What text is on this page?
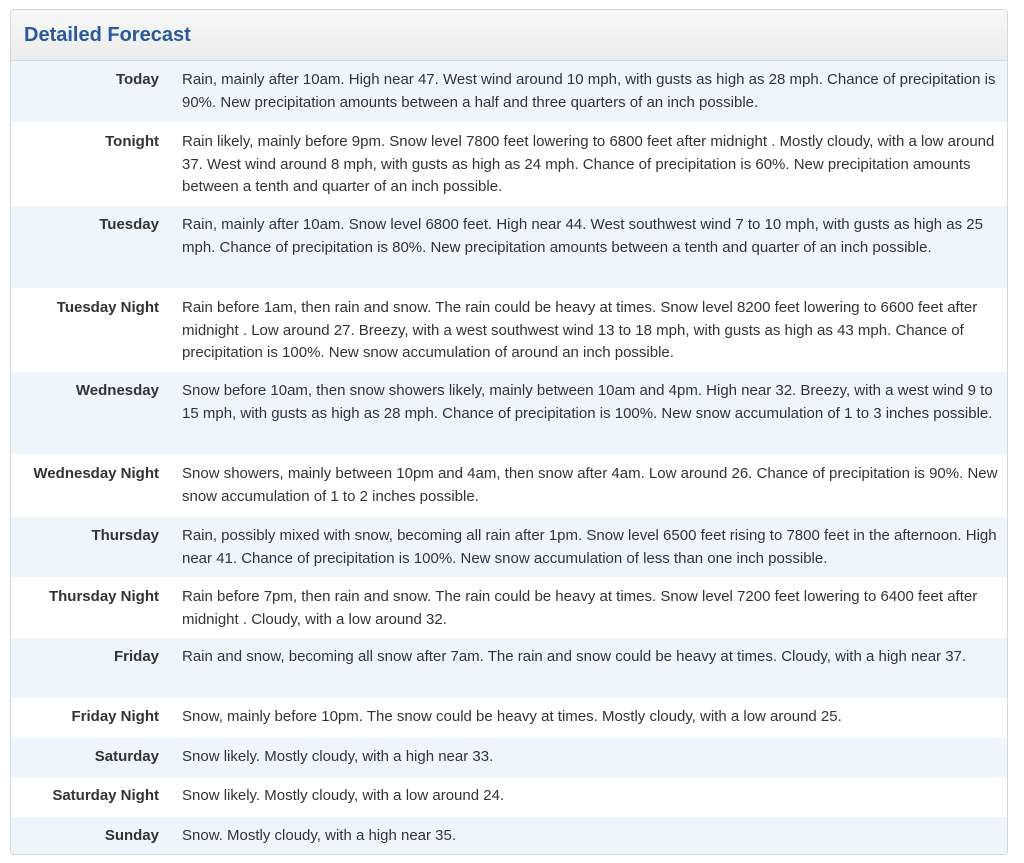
Detailed Forecast
Today	Rain, mainly after 10am. High near 47. West wind around 10 mph, with gusts as high as 28 mph. Chance of precipitation is 90%. New precipitation amounts between a half and three quarters of an inch possible.
Tonight	Rain likely, mainly before 9pm. Snow level 7800 feet lowering to 6800 feet after midnight . Mostly cloudy, with a low around 37. West wind around 8 mph, with gusts as high as 24 mph. Chance of precipitation is 60%. New precipitation amounts between a tenth and quarter of an inch possible.
Tuesday	Rain, mainly after 10am. Snow level 6800 feet. High near 44. West southwest wind 7 to 10 mph, with gusts as high as 25 mph. Chance of precipitation is 80%. New precipitation amounts between a tenth and quarter of an inch possible.
Tuesday Night	Rain before 1am, then rain and snow. The rain could be heavy at times. Snow level 8200 feet lowering to 6600 feet after midnight . Low around 27. Breezy, with a west southwest wind 13 to 18 mph, with gusts as high as 43 mph. Chance of precipitation is 100%. New snow accumulation of around an inch possible.
Wednesday	Snow before 10am, then snow showers likely, mainly between 10am and 4pm. High near 32. Breezy, with a west wind 9 to 15 mph, with gusts as high as 28 mph. Chance of precipitation is 100%. New snow accumulation of 1 to 3 inches possible.
Wednesday Night	Snow showers, mainly between 10pm and 4am, then snow after 4am. Low around 26. Chance of precipitation is 90%. New snow accumulation of 1 to 2 inches possible.
Thursday	Rain, possibly mixed with snow, becoming all rain after 1pm. Snow level 6500 feet rising to 7800 feet in the afternoon. High near 41. Chance of precipitation is 100%. New snow accumulation of less than one inch possible.
Thursday Night	Rain before 7pm, then rain and snow. The rain could be heavy at times. Snow level 7200 feet lowering to 6400 feet after midnight . Cloudy, with a low around 32.
Friday	Rain and snow, becoming all snow after 7am. The rain and snow could be heavy at times. Cloudy, with a high near 37.
Friday Night	Snow, mainly before 10pm. The snow could be heavy at times. Mostly cloudy, with a low around 25.
Saturday	Snow likely. Mostly cloudy, with a high near 33.
Saturday Night	Snow likely. Mostly cloudy, with a low around 24.
Sunday	Snow. Mostly cloudy, with a high near 35.
